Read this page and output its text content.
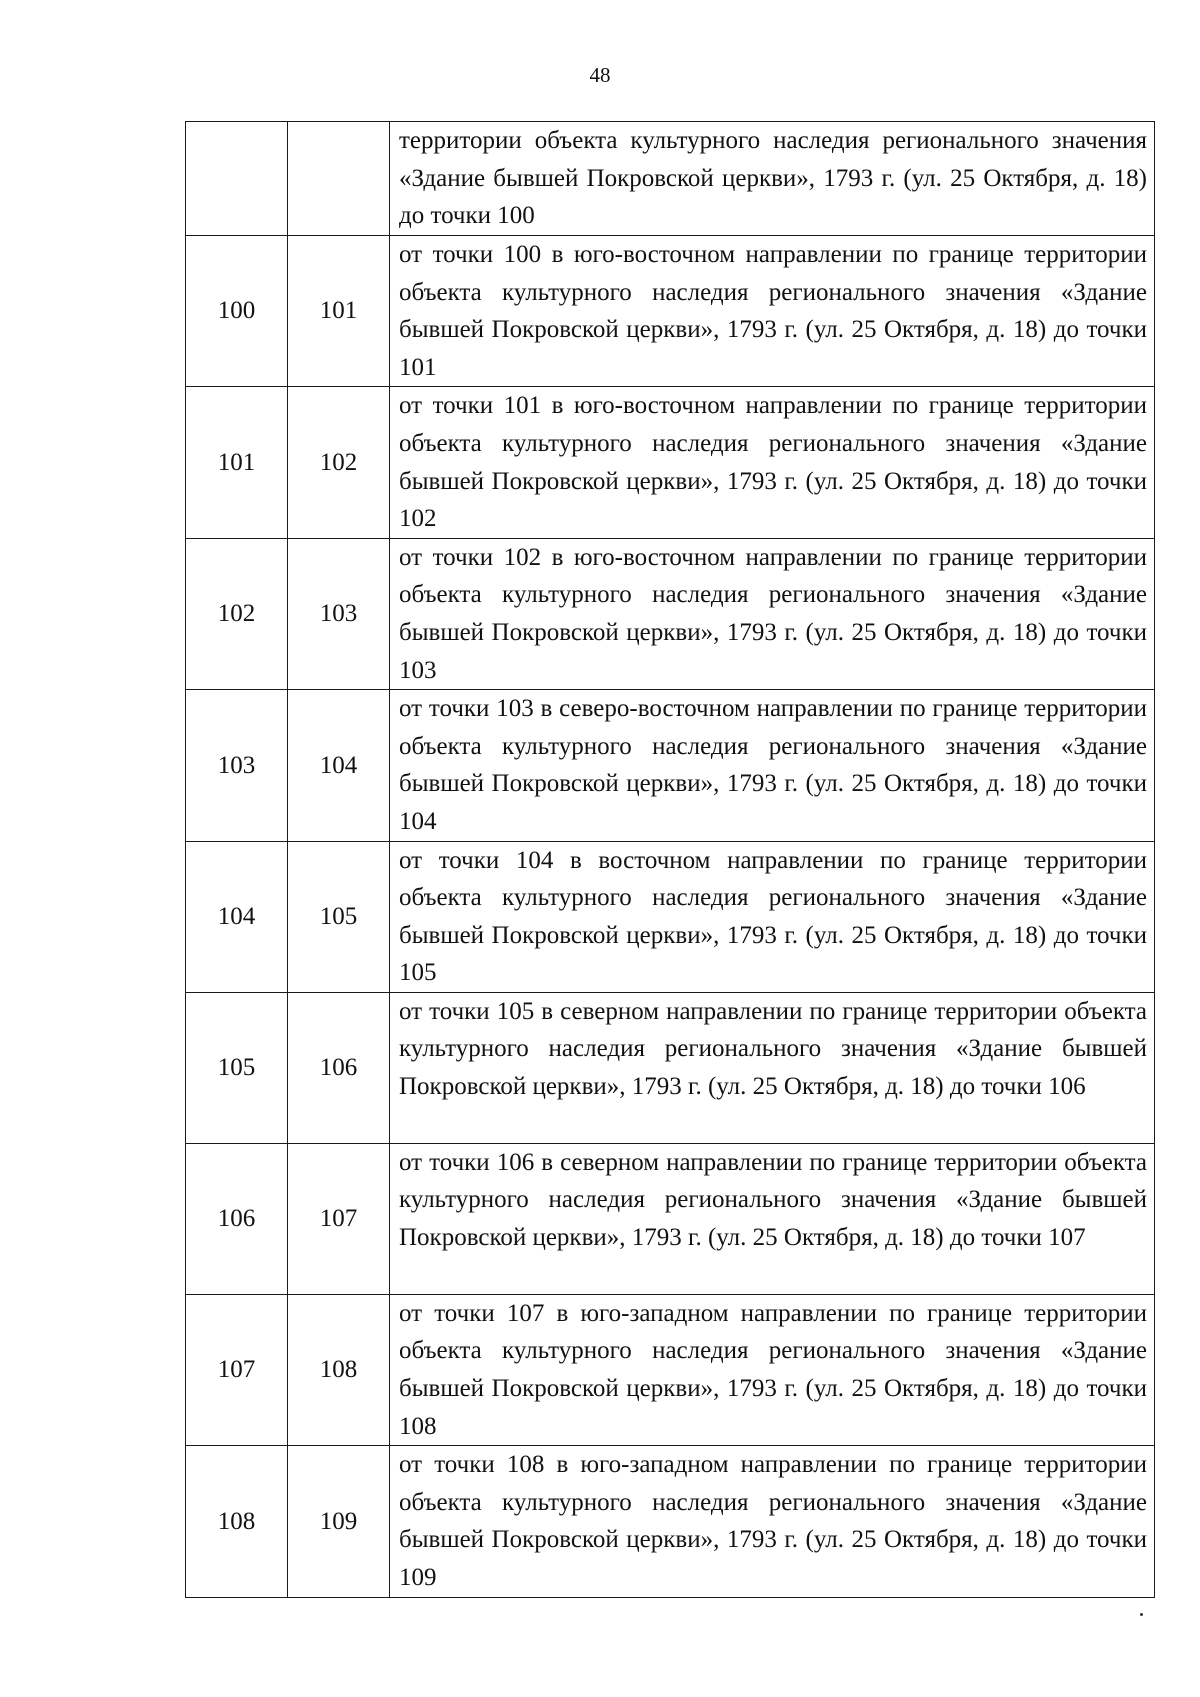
48
		территории объекта культурного наследия регионального значения «Здание бывшей Покровской церкви», 1793 г. (ул. 25 Октября, д. 18) до точки 100
100	101	от точки 100 в юго-восточном направлении по границе территории объекта культурного наследия регионального значения «Здание бывшей Покровской церкви», 1793 г. (ул. 25 Октября, д. 18) до точки 101
101	102	от точки 101 в юго-восточном направлении по границе территории объекта культурного наследия регионального значения «Здание бывшей Покровской церкви», 1793 г. (ул. 25 Октября, д. 18) до точки 102
102	103	от точки 102 в юго-восточном направлении по границе территории объекта культурного наследия регионального значения «Здание бывшей Покровской церкви», 1793 г. (ул. 25 Октября, д. 18) до точки 103
103	104	от точки 103 в северо-восточном направлении по границе территории объекта культурного наследия регионального значения «Здание бывшей Покровской церкви», 1793 г. (ул. 25 Октября, д. 18) до точки 104
104	105	от точки 104 в восточном направлении по границе территории объекта культурного наследия регионального значения «Здание бывшей Покровской церкви», 1793 г. (ул. 25 Октября, д. 18) до точки 105
105	106	от точки 105 в северном направлении по границе территории объекта культурного наследия регионального значения «Здание бывшей Покровской церкви», 1793 г. (ул. 25 Октября, д. 18) до точки 106
106	107	от точки 106 в северном направлении по границе территории объекта культурного наследия регионального значения «Здание бывшей Покровской церкви», 1793 г. (ул. 25 Октября, д. 18) до точки 107
107	108	от точки 107 в юго-западном направлении по границе территории объекта культурного наследия регионального значения «Здание бывшей Покровской церкви», 1793 г. (ул. 25 Октября, д. 18) до точки 108
108	109	от точки 108 в юго-западном направлении по границе территории объекта культурного наследия регионального значения «Здание бывшей Покровской церкви», 1793 г. (ул. 25 Октября, д. 18) до точки 109
